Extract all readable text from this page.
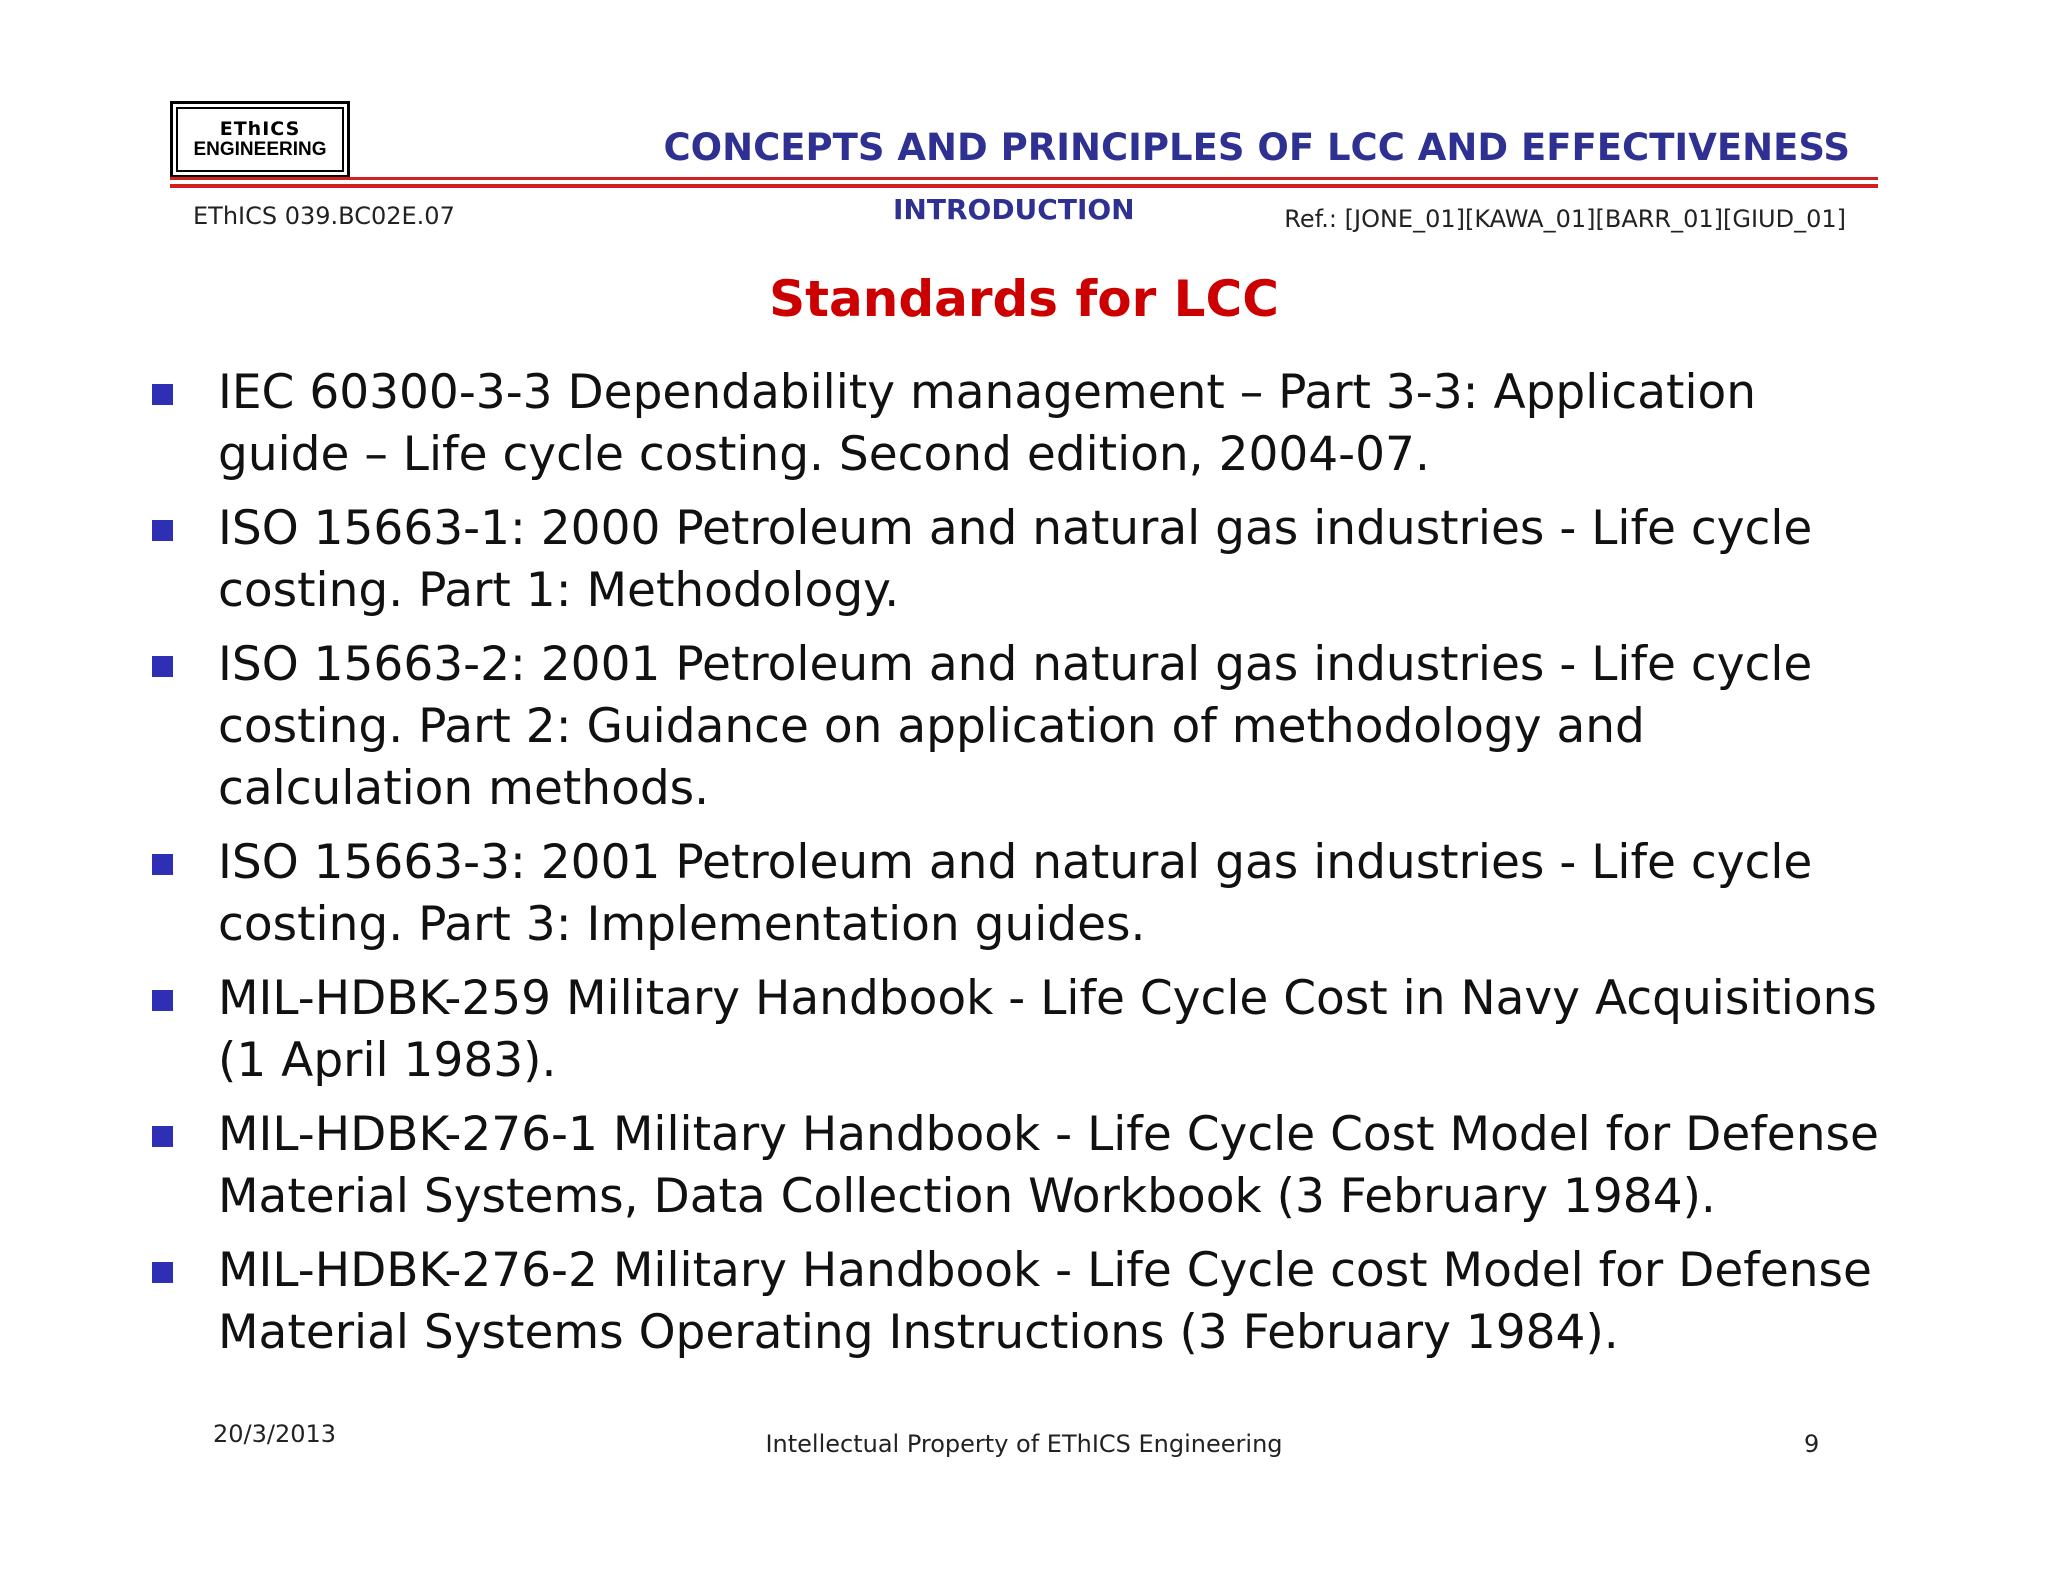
EThICS
ENGINEERING	CONCEPTS AND PRINCIPLES OF LCC AND EFFECTIVENESS
EThICS 039.BC02E.07	INTRODUCTION	Ref.: [JONE_01][KAWA_01][BARR_01][GIUD_01]
Standards for LCC
IEC 60300-3-3 Dependability management – Part 3-3: Application guide – Life cycle costing. Second edition, 2004-07.
ISO 15663-1: 2000 Petroleum and natural gas industries - Life cycle costing. Part 1: Methodology.
ISO 15663-2: 2001 Petroleum and natural gas industries - Life cycle costing. Part 2: Guidance on application of methodology and calculation methods.
ISO 15663-3: 2001 Petroleum and natural gas industries - Life cycle costing. Part 3: Implementation guides.
MIL-HDBK-259 Military Handbook - Life Cycle Cost in Navy Acquisitions (1 April 1983).
MIL-HDBK-276-1 Military Handbook - Life Cycle Cost Model for Defense Material Systems, Data Collection Workbook (3 February 1984).
MIL-HDBK-276-2 Military Handbook - Life Cycle cost Model for Defense Material Systems Operating Instructions (3 February 1984).
20/3/2013	Intellectual Property of EThICS Engineering	9
